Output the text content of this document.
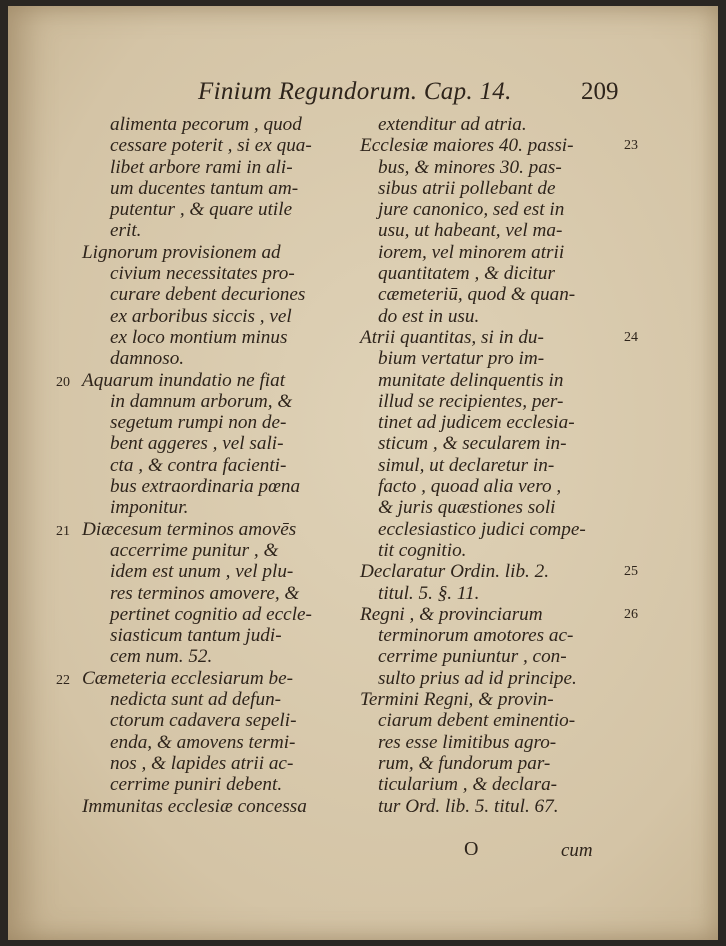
Finium Regundorum. Cap. 14.	209
alimenta pecorum , quod
cessare poterit , si ex qua-
libet arbore rami in ali-
um ducentes tantum am-
putentur , & quare utile
erit.
Lignorum provisionem ad
civium necessitates pro-
curare debent decuriones
ex arboribus siccis , vel
ex loco montium minus
damnoso.
20 Aquarum inundatio ne fiat
in damnum arborum, &
segetum rumpi non de-
bent aggeres , vel sali-
cta , & contra facienti-
bus extraordinaria pœna
imponitur.
21 Diæcesum terminos amovēs
accerrime punitur , &
idem est unum , vel plu-
res terminos amovere, &
pertinet cognitio ad eccle-
siasticum tantum judi-
cem num. 52.
22 Cæmeteria ecclesiarum be-
nedicta sunt ad defun-
ctorum cadavera sepeli-
enda, & amovens termi-
nos , & lapides atrii ac-
cerrime puniri debent.
Immunitas ecclesiæ concessa
extenditur ad atria.
23
Ecclesiæ maiores 40. passi-
bus, & minores 30. pas-
sibus atrii pollebant de
jure canonico, sed est in
usu, ut habeant, vel ma-
iorem, vel minorem atrii
quantitatem , & dicitur
cæmeteriū, quod & quan-
do est in usu.
24
Atrii quantitas, si in du-
bium vertatur pro im-
munitate delinquentis in
illud se recipientes, per-
tinet ad judicem ecclesia-
sticum , & secularem in-
simul, ut declaretur in-
facto , quoad alia vero ,
& juris quæstiones soli
ecclesiastico judici compe-
tit cognitio.
25
Declaratur Ordin. lib. 2.
titul. 5. §. 11.
26
Regni , & provinciarum
terminorum amotores ac-
cerrime puniuntur , con-
sulto prius ad id principe.
Termini Regni, & provin-
ciarum debent eminentio-
res esse limitibus agro-
rum, & fundorum par-
ticularium , & declara-
tur Ord. lib. 5. titul. 67.
O	cum
